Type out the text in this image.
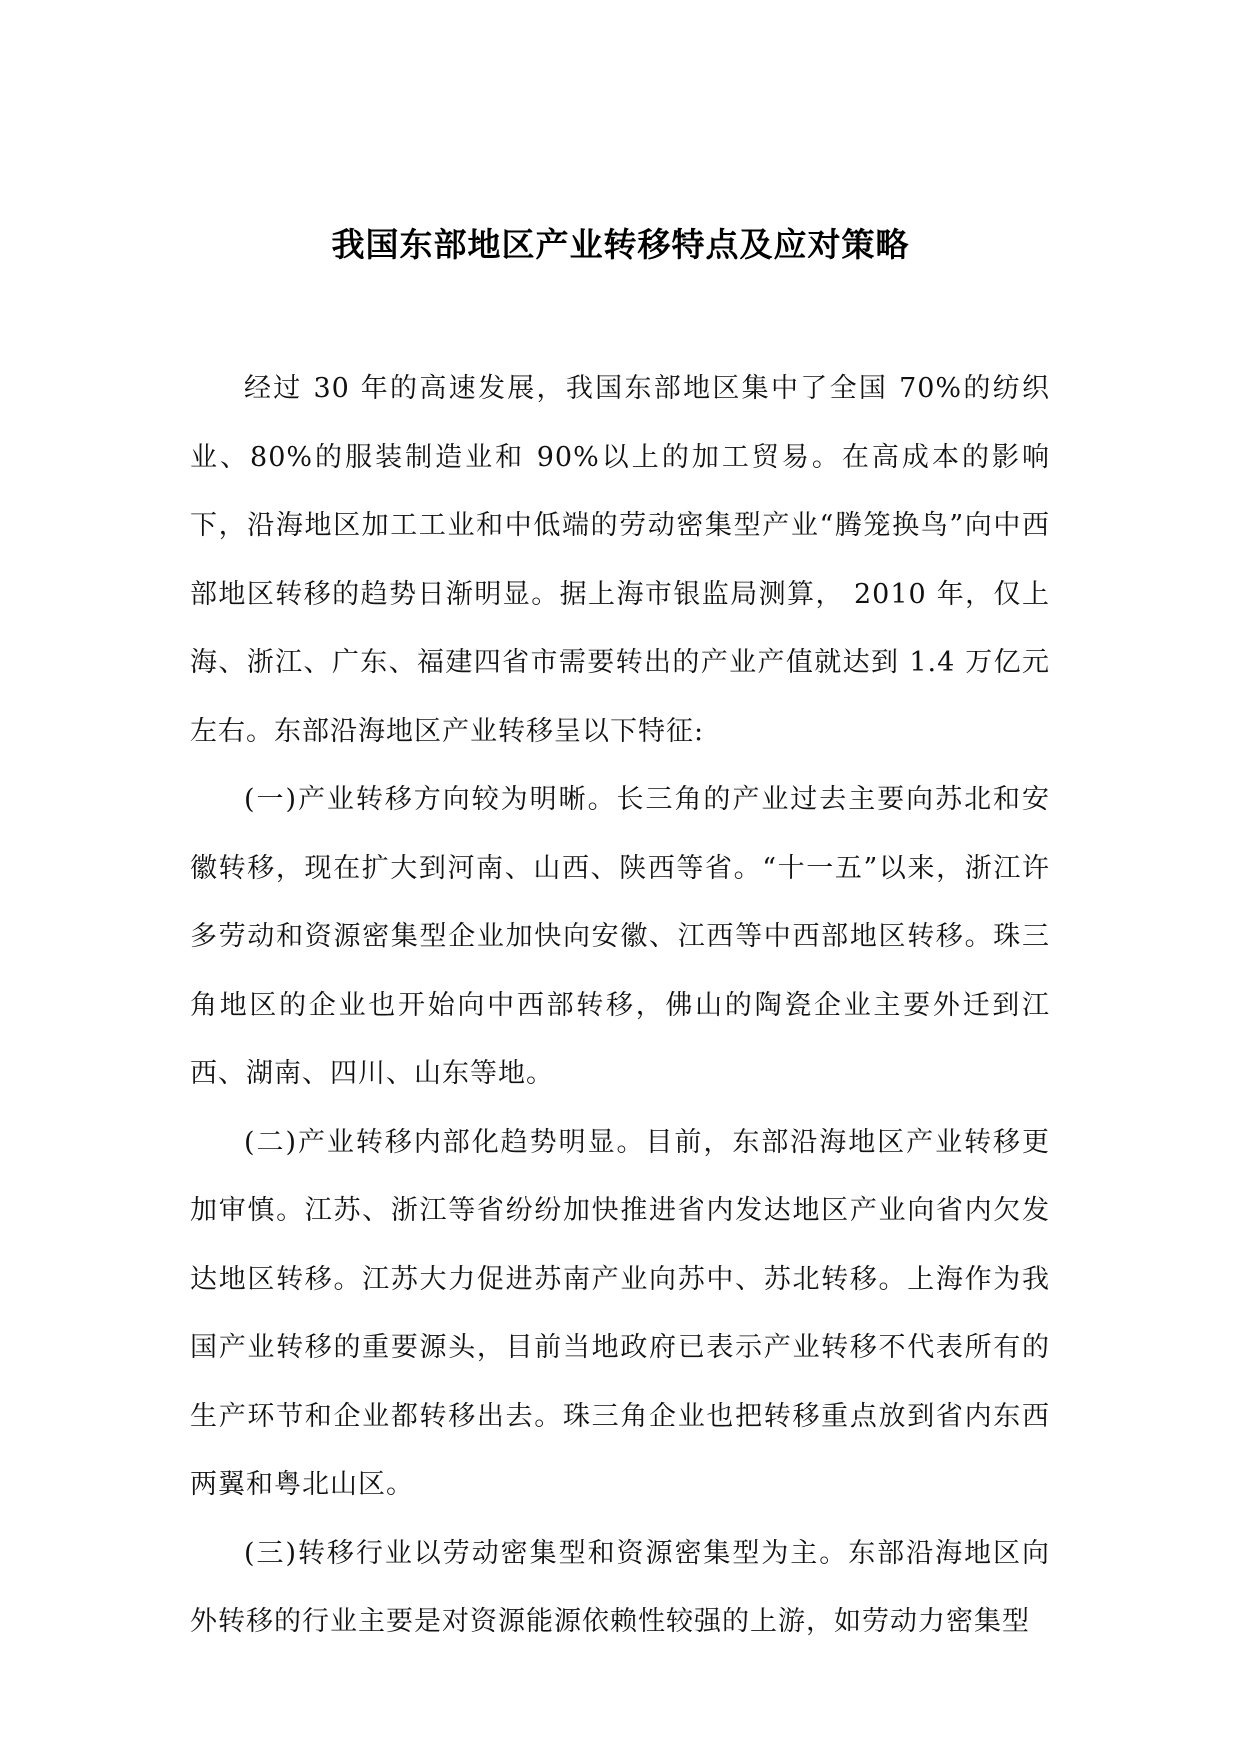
我国东部地区产业转移特点及应对策略

经过 30 年的高速发展，我国东部地区集中了全国 70%的纺织业、80%的服装制造业和 90%以上的加工贸易。在高成本的影响下，沿海地区加工工业和中低端的劳动密集型产业“腾笼换鸟”向中西部地区转移的趋势日渐明显。据上海市银监局测算， 2010 年，仅上海、浙江、广东、福建四省市需要转出的产业产值就达到 1.4 万亿元左右。东部沿海地区产业转移呈以下特征:

(一)产业转移方向较为明晰。长三角的产业过去主要向苏北和安徽转移，现在扩大到河南、山西、陕西等省。“十一五”以来，浙江许多劳动和资源密集型企业加快向安徽、江西等中西部地区转移。珠三角地区的企业也开始向中西部转移，佛山的陶瓷企业主要外迁到江西、湖南、四川、山东等地。

(二)产业转移内部化趋势明显。目前，东部沿海地区产业转移更加审慎。江苏、浙江等省纷纷加快推进省内发达地区产业向省内欠发达地区转移。江苏大力促进苏南产业向苏中、苏北转移。上海作为我国产业转移的重要源头，目前当地政府已表示产业转移不代表所有的生产环节和企业都转移出去。珠三角企业也把转移重点放到省内东西两翼和粤北山区。

(三)转移行业以劳动密集型和资源密集型为主。东部沿海地区向外转移的行业主要是对资源能源依赖性较强的上游，如劳动力密集型
